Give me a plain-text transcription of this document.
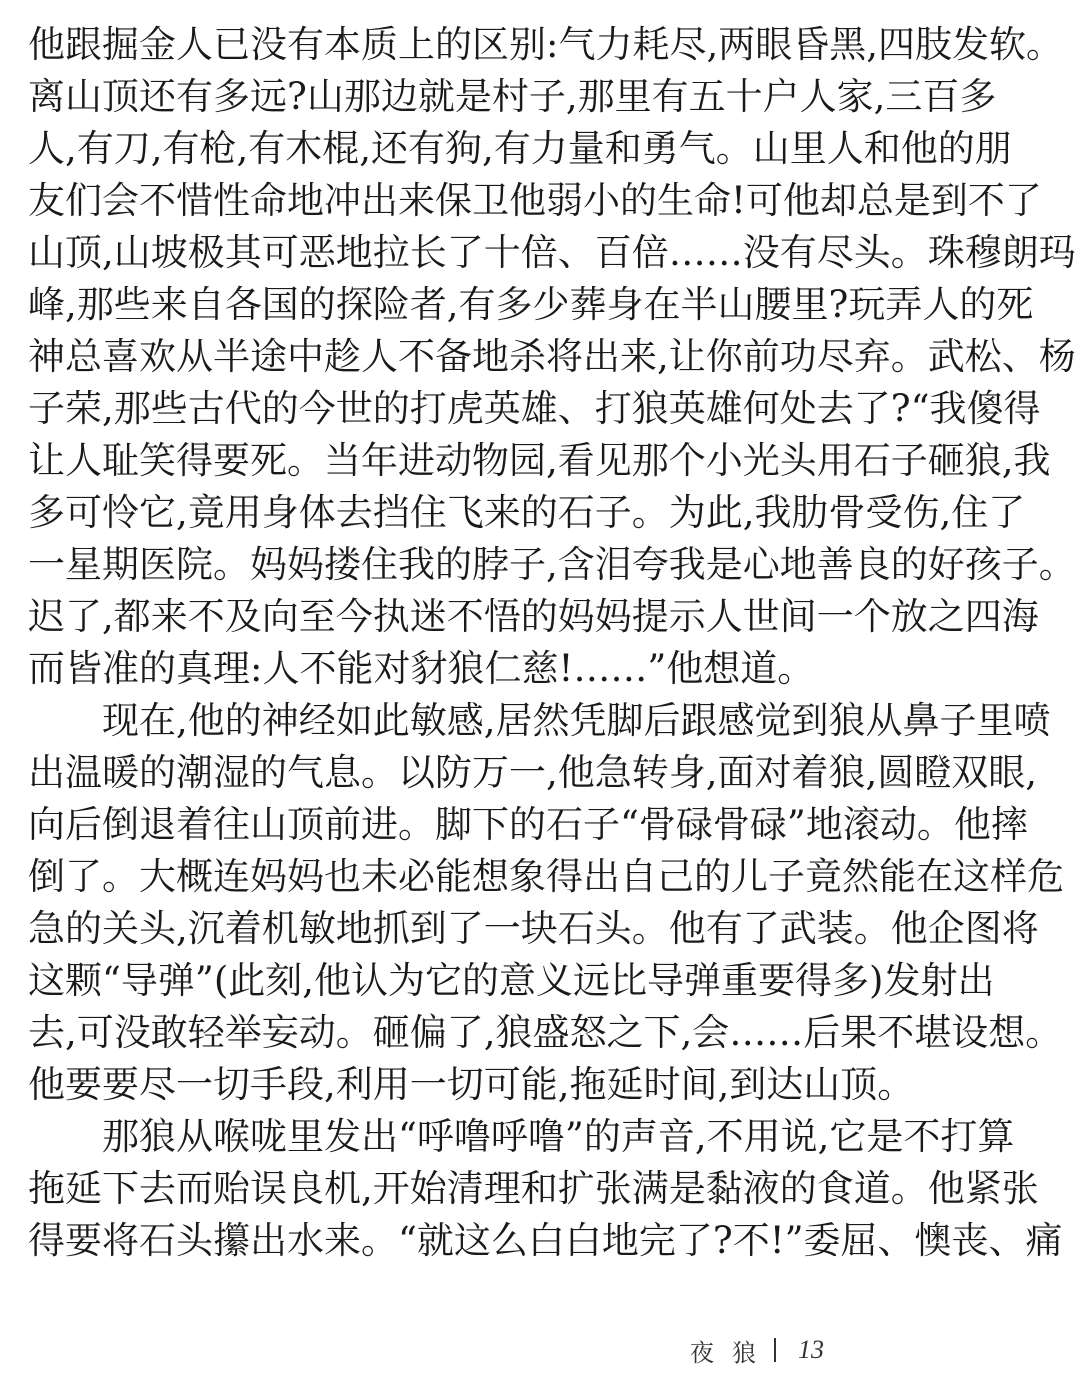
他跟掘金人已没有本质上的区别:气力耗尽,两眼昏黑,四肢发软。
离山顶还有多远?山那边就是村子,那里有五十户人家,三百多
人,有刀,有枪,有木棍,还有狗,有力量和勇气。山里人和他的朋
友们会不惜性命地冲出来保卫他弱小的生命!可他却总是到不了
山顶,山坡极其可恶地拉长了十倍、百倍……没有尽头。珠穆朗玛
峰,那些来自各国的探险者,有多少葬身在半山腰里?玩弄人的死
神总喜欢从半途中趁人不备地杀将出来,让你前功尽弃。武松、杨
子荣,那些古代的今世的打虎英雄、打狼英雄何处去了?“我傻得
让人耻笑得要死。当年进动物园,看见那个小光头用石子砸狼,我
多可怜它,竟用身体去挡住飞来的石子。为此,我肋骨受伤,住了
一星期医院。妈妈搂住我的脖子,含泪夸我是心地善良的好孩子。
迟了,都来不及向至今执迷不悟的妈妈提示人世间一个放之四海
而皆准的真理:人不能对豺狼仁慈!……”他想道。
现在,他的神经如此敏感,居然凭脚后跟感觉到狼从鼻子里喷
出温暖的潮湿的气息。以防万一,他急转身,面对着狼,圆瞪双眼,
向后倒退着往山顶前进。脚下的石子“骨碌骨碌”地滚动。他摔
倒了。大概连妈妈也未必能想象得出自己的儿子竟然能在这样危
急的关头,沉着机敏地抓到了一块石头。他有了武装。他企图将
这颗“导弹”(此刻,他认为它的意义远比导弹重要得多)发射出
去,可没敢轻举妄动。砸偏了,狼盛怒之下,会……后果不堪设想。
他要要尽一切手段,利用一切可能,拖延时间,到达山顶。
那狼从喉咙里发出“呼噜呼噜”的声音,不用说,它是不打算
拖延下去而贻误良机,开始清理和扩张满是黏液的食道。他紧张
得要将石头攥出水来。“就这么白白地完了?不!”委屈、懊丧、痛
夜狼 13
